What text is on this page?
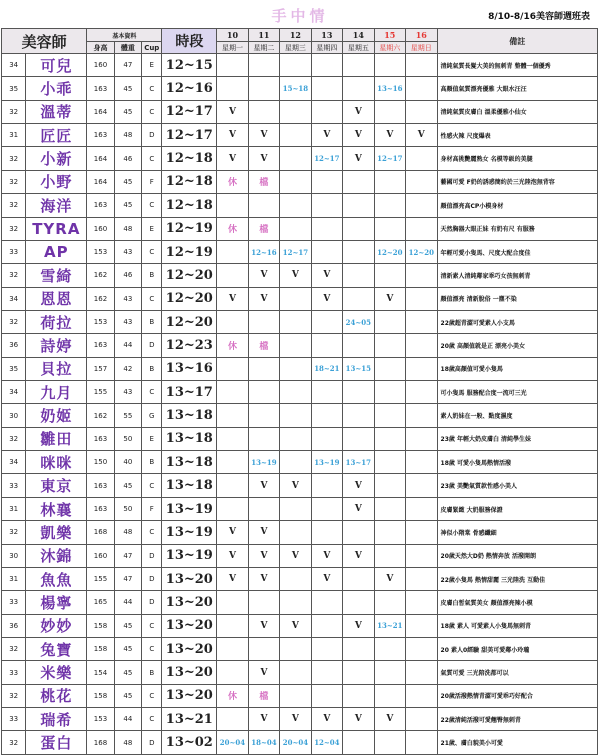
手中情	8/10-8/16美容師週班表
美容師		基本資料			時段	10	11	12	13	14	15	16	備註
		身高	體重	Cup		星期一	星期二	星期三	星期四	星期五	星期六	星期日	
34	可兒	160	47	E	12~15								清純氣質長髮大美的無刺青 整體一個優秀
35	小乖	163	45	C	12~16			15~18			13~16		高顏值氣質漂亮優雅 大眼水汪汪
32	溫蒂	164	45	C	12~17	V				V			清純氣質皮膚白 溫柔優雅小仙女
31	匠匠	163	48	D	12~17	V	V		V	V	V	V	性感火辣 尺度爆表
32	小新	164	46	C	12~18	V	V		12~17	V	12~17		身材高挑艷麗熟女 名模等級的美腿
32	小野	164	45	F	12~18	休	檔						藝國可愛 F奶的誘惑簡約於三光陸泡無背容
32	海洋	163	45	C	12~18								顏值漂亮高CP小模身材
32	TYRA	160	48	E	12~19	休	檔						天然胸器大眼正妹 有奶有尺 有服務
33	AP	153	43	C	12~19		12~16	12~17			12~20	12~20	年輕可愛小隻馬、尺度大配合度佳
32	雪綺	162	46	B	12~20		V	V	V				清新素人清純鄰家乖巧女孩無刺青
34	恩恩	162	43	C	12~20	V	V		V		V		顏值漂亮 清新脫俗 一塵不染
32	荷拉	153	43	B	12~20					24~05			22歲超青澀可愛素人小支馬
36	詩婷	163	44	D	12~23	休	檔						20歲 高顏值就是正 漂亮小美女
35	貝拉	157	42	B	13~16				18~21	13~15			18歲高顏值可愛小隻馬
34	九月	155	43	C	13~17								可小隻馬 服務配合度一流可三光
30	奶姬	162	55	G	13~18								素人奶妹在一般、點度濕度
32	雛田	163	50	E	13~18								23歲 年輕大奶皮膚白 清純學生妹
34	咪咪	150	40	B	13~18		13~19		13~19	13~17			18歲 可愛小隻馬熱情活潑
33	東京	163	45	C	13~18		V	V		V			23歲 美艷氣質款性感小美人
31	林襄	163	50	F	13~19					V			皮膚緊緻 大奶服務保證
32	凱樂	168	48	C	13~19	V	V						神似小隋棠 骨感纖細
30	沐錦	160	47	D	13~19	V	V	V	V	V			20歲天然大D奶 熱情奔放 活潑開朗
31	魚魚	155	47	D	13~20	V	V		V		V		22歲小隻馬 熱情甜麗 三光陸洗 互動佳
33	楊寧	165	44	D	13~20								皮膚白皙氣質美女 顏值漂亮辣小模
36	妙妙	158	45	C	13~20		V	V		V	13~21		18歲 素人 可愛素人小隻馬無刺青
32	兔寶	158	45	C	13~20								20 素人0經驗 甜美可愛鄰小玲瓏
33	米樂	154	45	B	13~20		V						氣質可愛 三光陪洗都可以
32	桃花	158	45	C	13~20	休	檔						20歲活潑熱情青澀可愛乖巧好配合
33	瑞希	153	44	C	13~21		V	V	V	V	V		22歲清純活潑可愛翹臀無刺青
32	蛋白	168	48	D	13~02	20~04	18~04	20~04	12~04				21歲、膚白貌美小可愛
